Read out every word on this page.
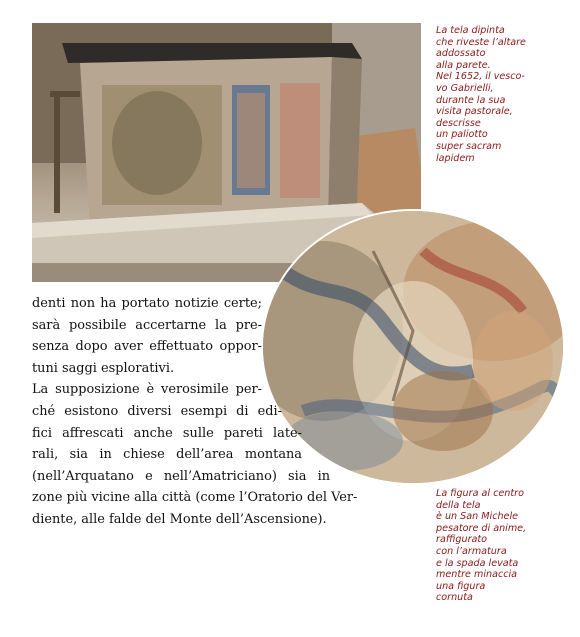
La tela dipinta
che riveste l’altare
addossato
alla parete.
Nel 1652, il vesco-
vo Gabrielli,
durante la sua
visita pastorale,
descrisse
un paliotto
super sacram
lapidem

La figura al centro
della tela
è un San Michele
pesatore di anime,
raffigurato
con l’armatura
e la spada levata
mentre minaccia
una figura
cornuta

denti non ha portato notizie certe;
sarà possibile accertarne la pre-
senza dopo aver effettuato oppor-
tuni saggi esplorativi.
La supposizione è verosimile per-
ché esistono diversi esempi di edi-
fici affrescati anche sulle pareti late-
rali, sia in chiese dell’area montana
(nell’Arquatano e nell’Amatriciano) sia in
zone più vicine alla città (come l’Oratorio del Ver-
diente, alle falde del Monte dell’Ascensione).
